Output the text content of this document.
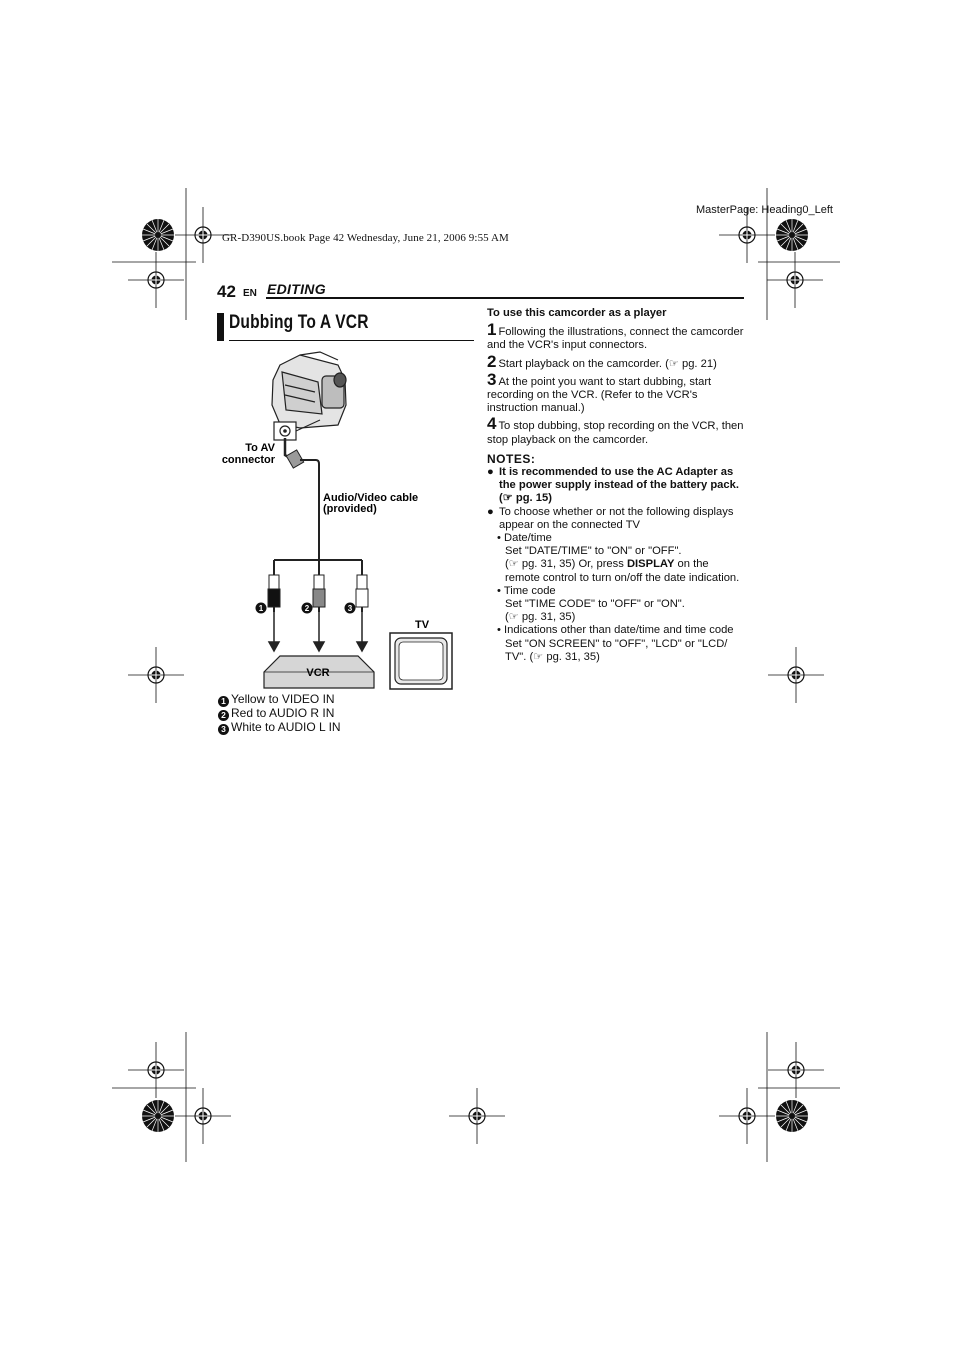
MasterPage: Heading0_Left
GR-D390US.book Page 42 Wednesday, June 21, 2006 9:55 AM
42 EN EDITING
Dubbing To A VCR
1	2	3
To AV
connector
Audio/Video cable
(provided)
TV
VCR
1 Yellow to VIDEO IN
2 Red to AUDIO R IN
3 White to AUDIO L IN
To use this camcorder as a player
1 Following the illustrations, connect the camcorder and the VCR's input connectors.
2 Start playback on the camcorder. (☞ pg. 21)
3 At the point you want to start dubbing, start recording on the VCR. (Refer to the VCR's instruction manual.)
4 To stop dubbing, stop recording on the VCR, then stop playback on the camcorder.
NOTES:
● It is recommended to use the AC Adapter as the power supply instead of the battery pack. (☞ pg. 15)
● To choose whether or not the following displays appear on the connected TV
• Date/time
Set "DATE/TIME" to "ON" or "OFF".
(☞ pg. 31, 35) Or, press DISPLAY on the remote control to turn on/off the date indication.
• Time code
Set "TIME CODE" to "OFF" or "ON".
(☞ pg. 31, 35)
• Indications other than date/time and time code
Set "ON SCREEN" to "OFF", "LCD" or "LCD/ TV". (☞ pg. 31, 35)
